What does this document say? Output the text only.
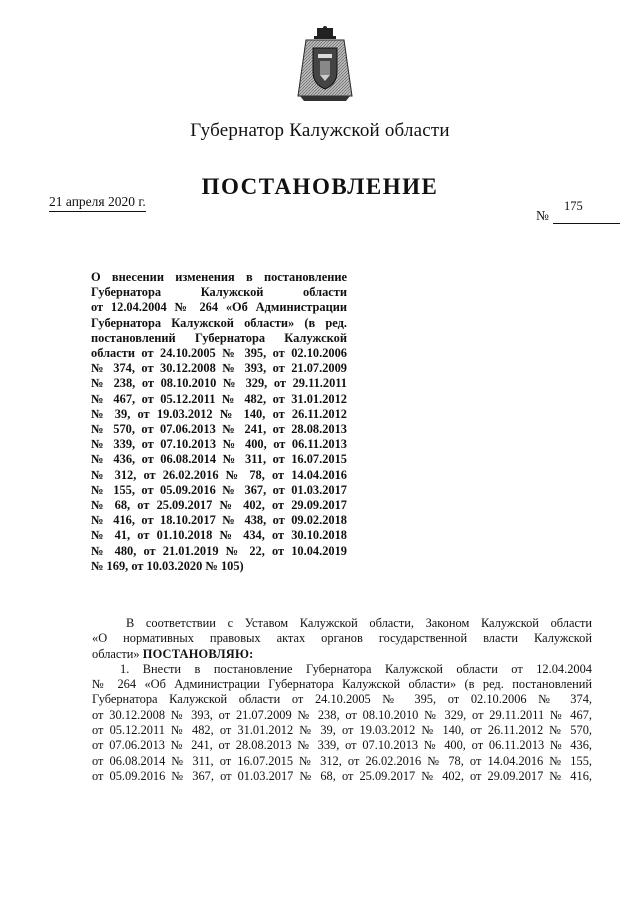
Губернатор Калужской области
ПОСТАНОВЛЕНИЕ
21 апреля 2020 г.
№
175
О внесении изменения в постановление
Губернатора Калужской области
от 12.04.2004 № 264 «Об Администрации
Губернатора Калужской области» (в ред.
постановлений Губернатора Калужской
области от 24.10.2005 № 395, от 02.10.2006
№ 374, от 30.12.2008 № 393, от 21.07.2009
№ 238, от 08.10.2010 № 329, от 29.11.2011
№ 467, от 05.12.2011 № 482, от 31.01.2012
№ 39, от 19.03.2012 № 140, от 26.11.2012
№ 570, от 07.06.2013 № 241, от 28.08.2013
№ 339, от 07.10.2013 № 400, от 06.11.2013
№ 436, от 06.08.2014 № 311, от 16.07.2015
№ 312, от 26.02.2016 № 78, от 14.04.2016
№ 155, от 05.09.2016 № 367, от 01.03.2017
№ 68, от 25.09.2017 № 402, от 29.09.2017
№ 416, от 18.10.2017 № 438, от 09.02.2018
№ 41, от 01.10.2018 № 434, от 30.10.2018
№ 480, от 21.01.2019 № 22, от 10.04.2019
№ 169, от 10.03.2020 № 105)
В соответствии с Уставом Калужской области, Законом Калужской области
«О нормативных правовых актах органов государственной власти Калужской
области» ПОСТАНОВЛЯЮ:
1. Внести в постановление Губернатора Калужской области от 12.04.2004
№ 264 «Об Администрации Губернатора Калужской области» (в ред. постановлений
Губернатора Калужской области от 24.10.2005 № 395, от 02.10.2006 № 374,
от 30.12.2008 № 393, от 21.07.2009 № 238, от 08.10.2010 № 329, от 29.11.2011 № 467,
от 05.12.2011 № 482, от 31.01.2012 № 39, от 19.03.2012 № 140, от 26.11.2012 № 570,
от 07.06.2013 № 241, от 28.08.2013 № 339, от 07.10.2013 № 400, от 06.11.2013 № 436,
от 06.08.2014 № 311, от 16.07.2015 № 312, от 26.02.2016 № 78, от 14.04.2016 № 155,
от 05.09.2016 № 367, от 01.03.2017 № 68, от 25.09.2017 № 402, от 29.09.2017 № 416,
